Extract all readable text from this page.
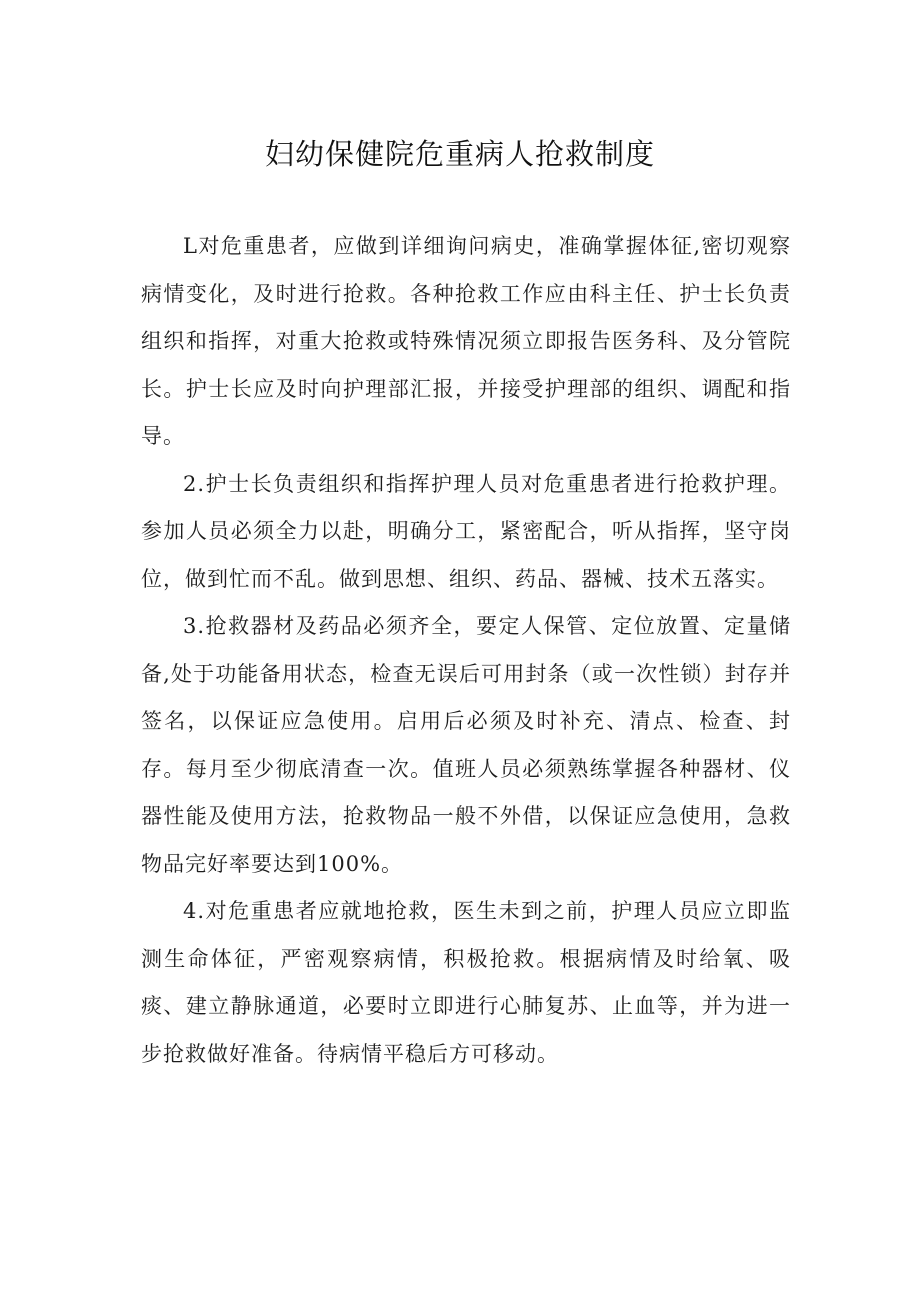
妇幼保健院危重病人抢救制度

L对危重患者，应做到详细询问病史，准确掌握体征,密切观察病情变化，及时进行抢救。各种抢救工作应由科主任、护士长负责组织和指挥，对重大抢救或特殊情况须立即报告医务科、及分管院长。护士长应及时向护理部汇报，并接受护理部的组织、调配和指导。

2.护士长负责组织和指挥护理人员对危重患者进行抢救护理。参加人员必须全力以赴，明确分工，紧密配合，听从指挥，坚守岗位，做到忙而不乱。做到思想、组织、药品、器械、技术五落实。

3.抢救器材及药品必须齐全，要定人保管、定位放置、定量储备,处于功能备用状态，检查无误后可用封条（或一次性锁）封存并签名，以保证应急使用。启用后必须及时补充、清点、检查、封存。每月至少彻底清查一次。值班人员必须熟练掌握各种器材、仪器性能及使用方法，抢救物品一般不外借，以保证应急使用，急救物品完好率要达到100%。

4.对危重患者应就地抢救，医生未到之前，护理人员应立即监测生命体征，严密观察病情，积极抢救。根据病情及时给氧、吸痰、建立静脉通道，必要时立即进行心肺复苏、止血等，并为进一步抢救做好准备。待病情平稳后方可移动。
